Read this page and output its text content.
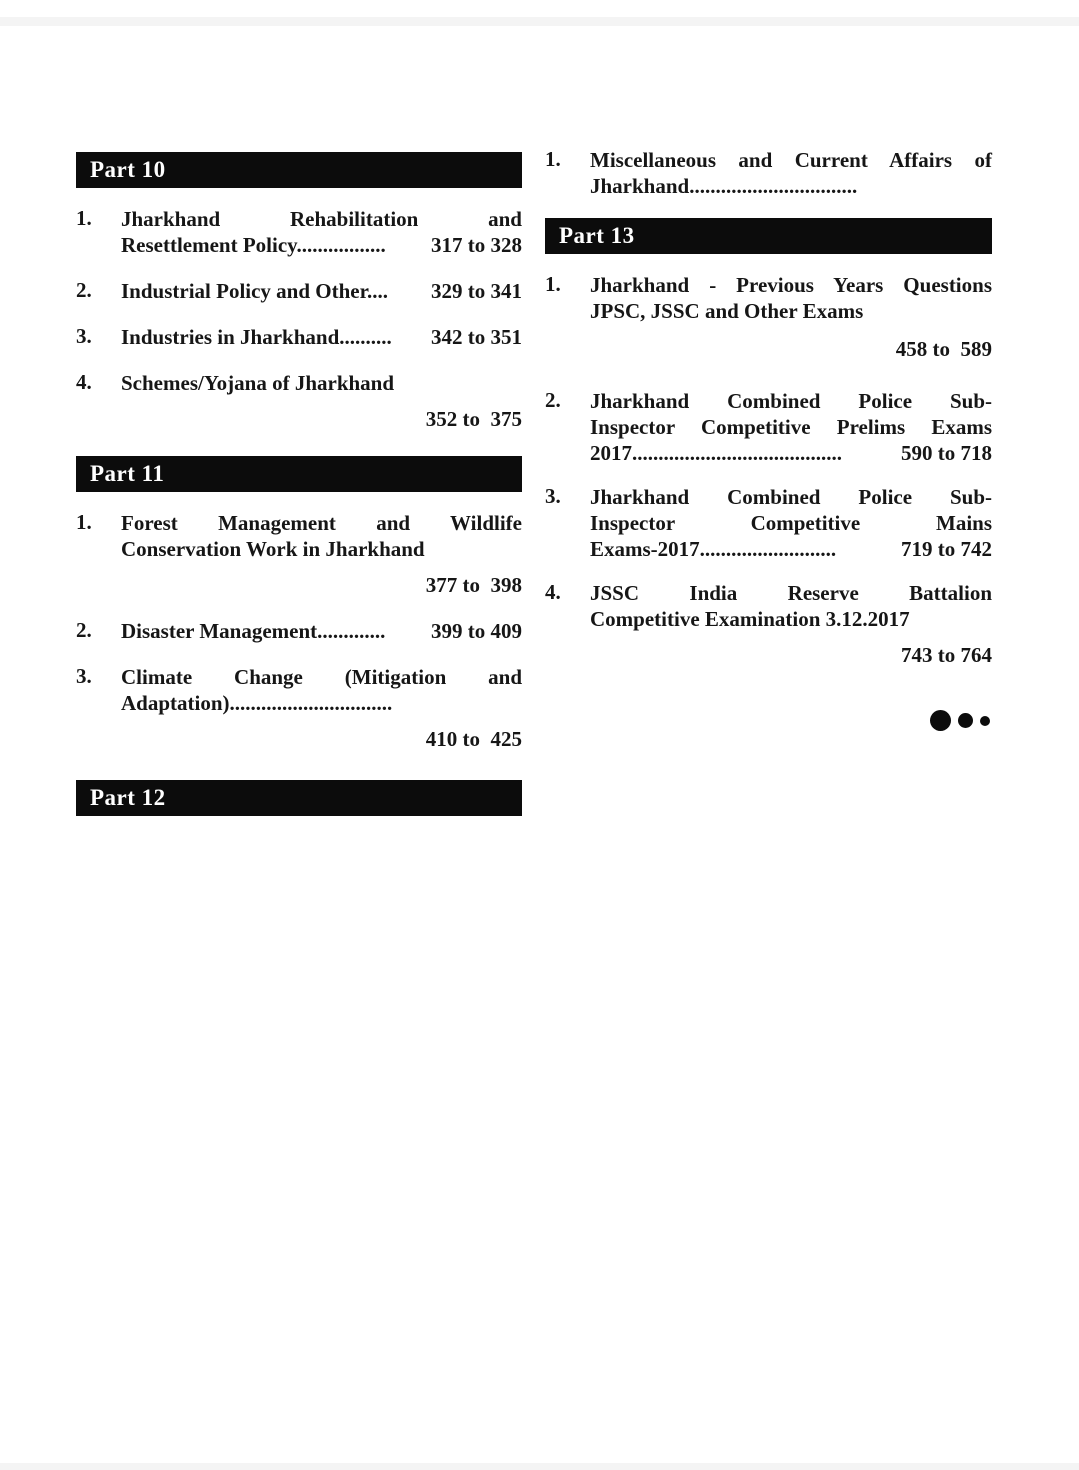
Part 10
1.	Jharkhand Rehabilitation and
Resettlement Policy................. 317 to 328
2.	Industrial Policy and Other.... 329 to 341
3.	Industries in Jharkhand.......... 342 to 351
4.	Schemes/Yojana of Jharkhand
352 to  375
Part 11
1.	Forest Management and Wildlife
Conservation Work in Jharkhand
377 to  398
2.	Disaster Management............. 399 to 409
3.	Climate Change (Mitigation and
Adaptation)...............................
410 to  425
Part 12
1.	Miscellaneous and Current Affairs of
Jharkhand................................
Part 13
1.	Jharkhand - Previous Years Questions
JPSC, JSSC and Other Exams
458 to  589
2.	Jharkhand Combined Police Sub-
Inspector Competitive Prelims Exams
2017........................................	590 to 718
3.	Jharkhand Combined Police Sub-
Inspector Competitive Mains
Exams-2017..........................	719 to 742
4.	JSSC India Reserve Battalion
Competitive Examination 3.12.2017
743 to 764
